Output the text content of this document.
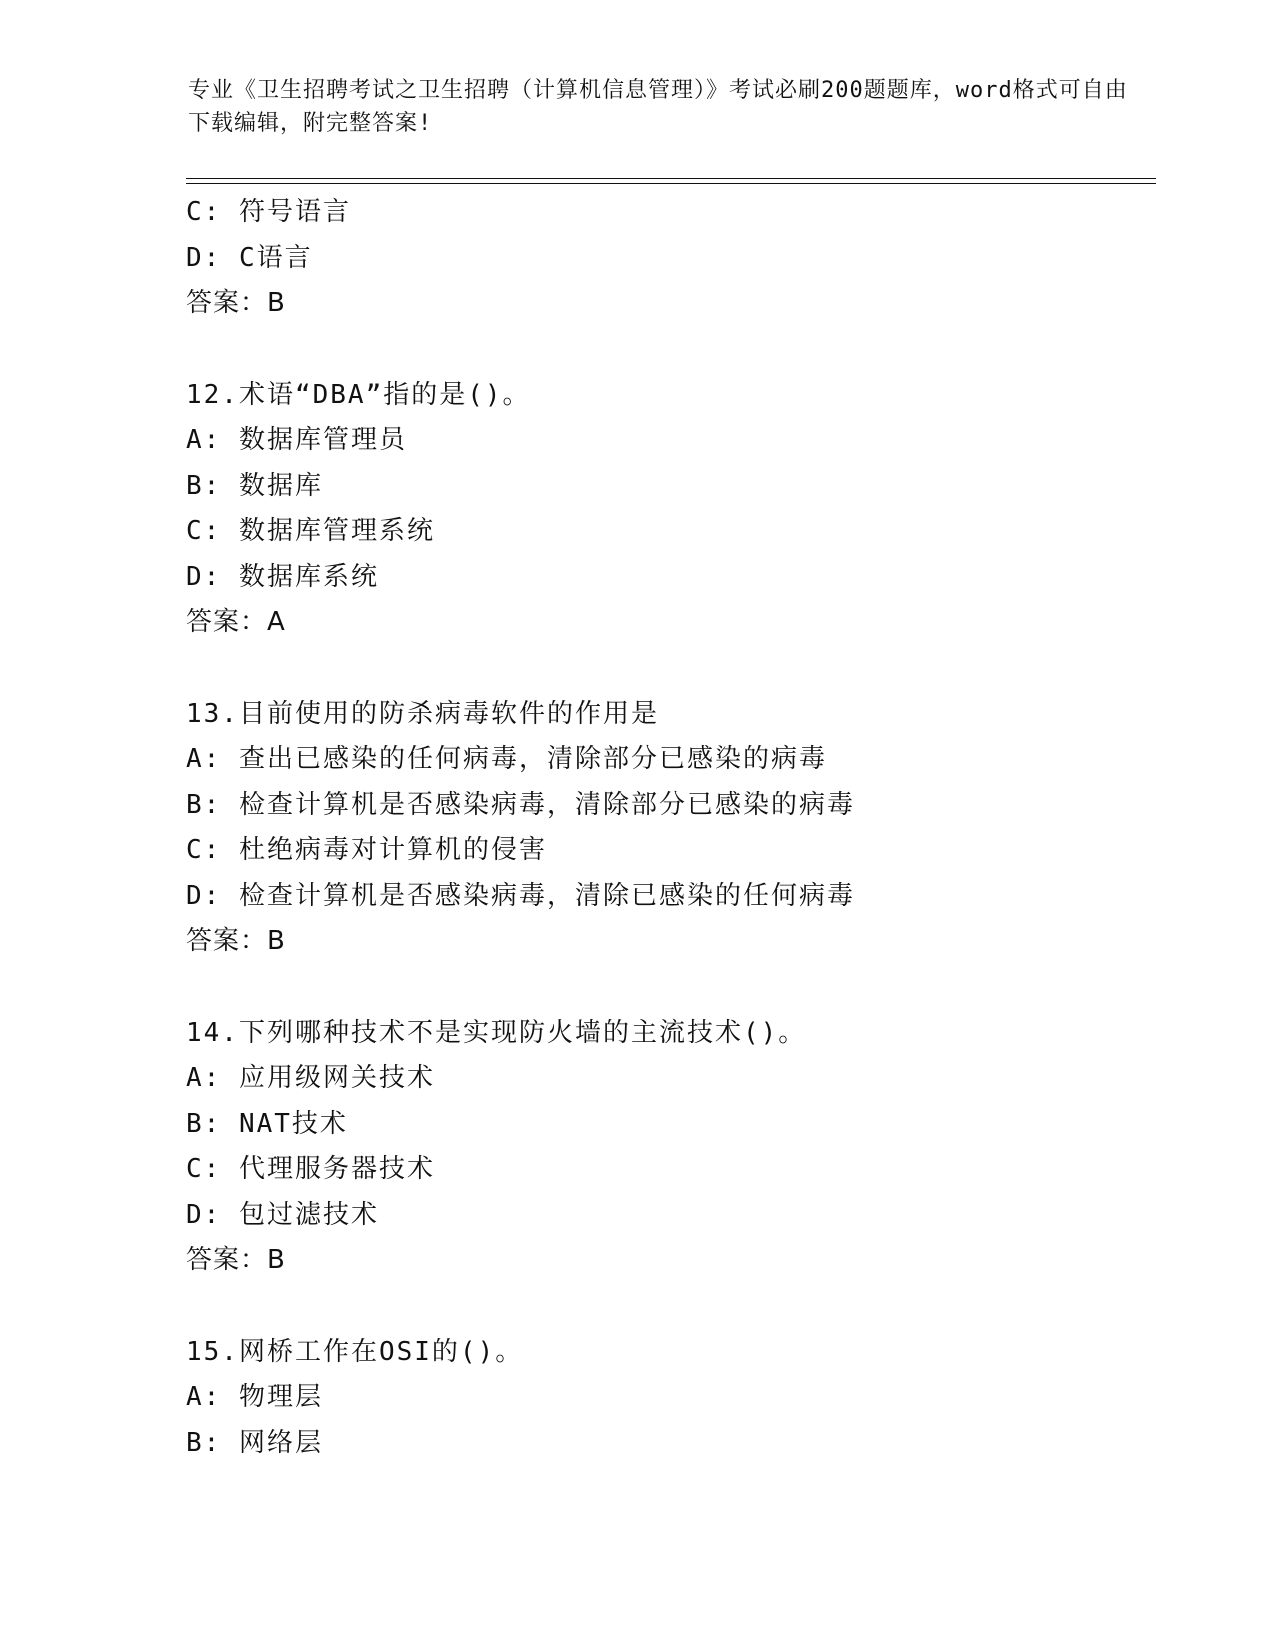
专业《卫生招聘考试之卫生招聘（计算机信息管理）》考试必刷200题题库，word格式可自由下载编辑，附完整答案!
C: 符号语言
D: C语言
答案：B
12.术语“DBA”指的是()。
A: 数据库管理员
B: 数据库
C: 数据库管理系统
D: 数据库系统
答案：A
13.目前使用的防杀病毒软件的作用是
A: 查出已感染的任何病毒，清除部分已感染的病毒
B: 检查计算机是否感染病毒，清除部分已感染的病毒
C: 杜绝病毒对计算机的侵害
D: 检查计算机是否感染病毒，清除已感染的任何病毒
答案：B
14.下列哪种技术不是实现防火墙的主流技术()。
A: 应用级网关技术
B: NAT技术
C: 代理服务器技术
D: 包过滤技术
答案：B
15.网桥工作在OSI的()。
A: 物理层
B: 网络层
